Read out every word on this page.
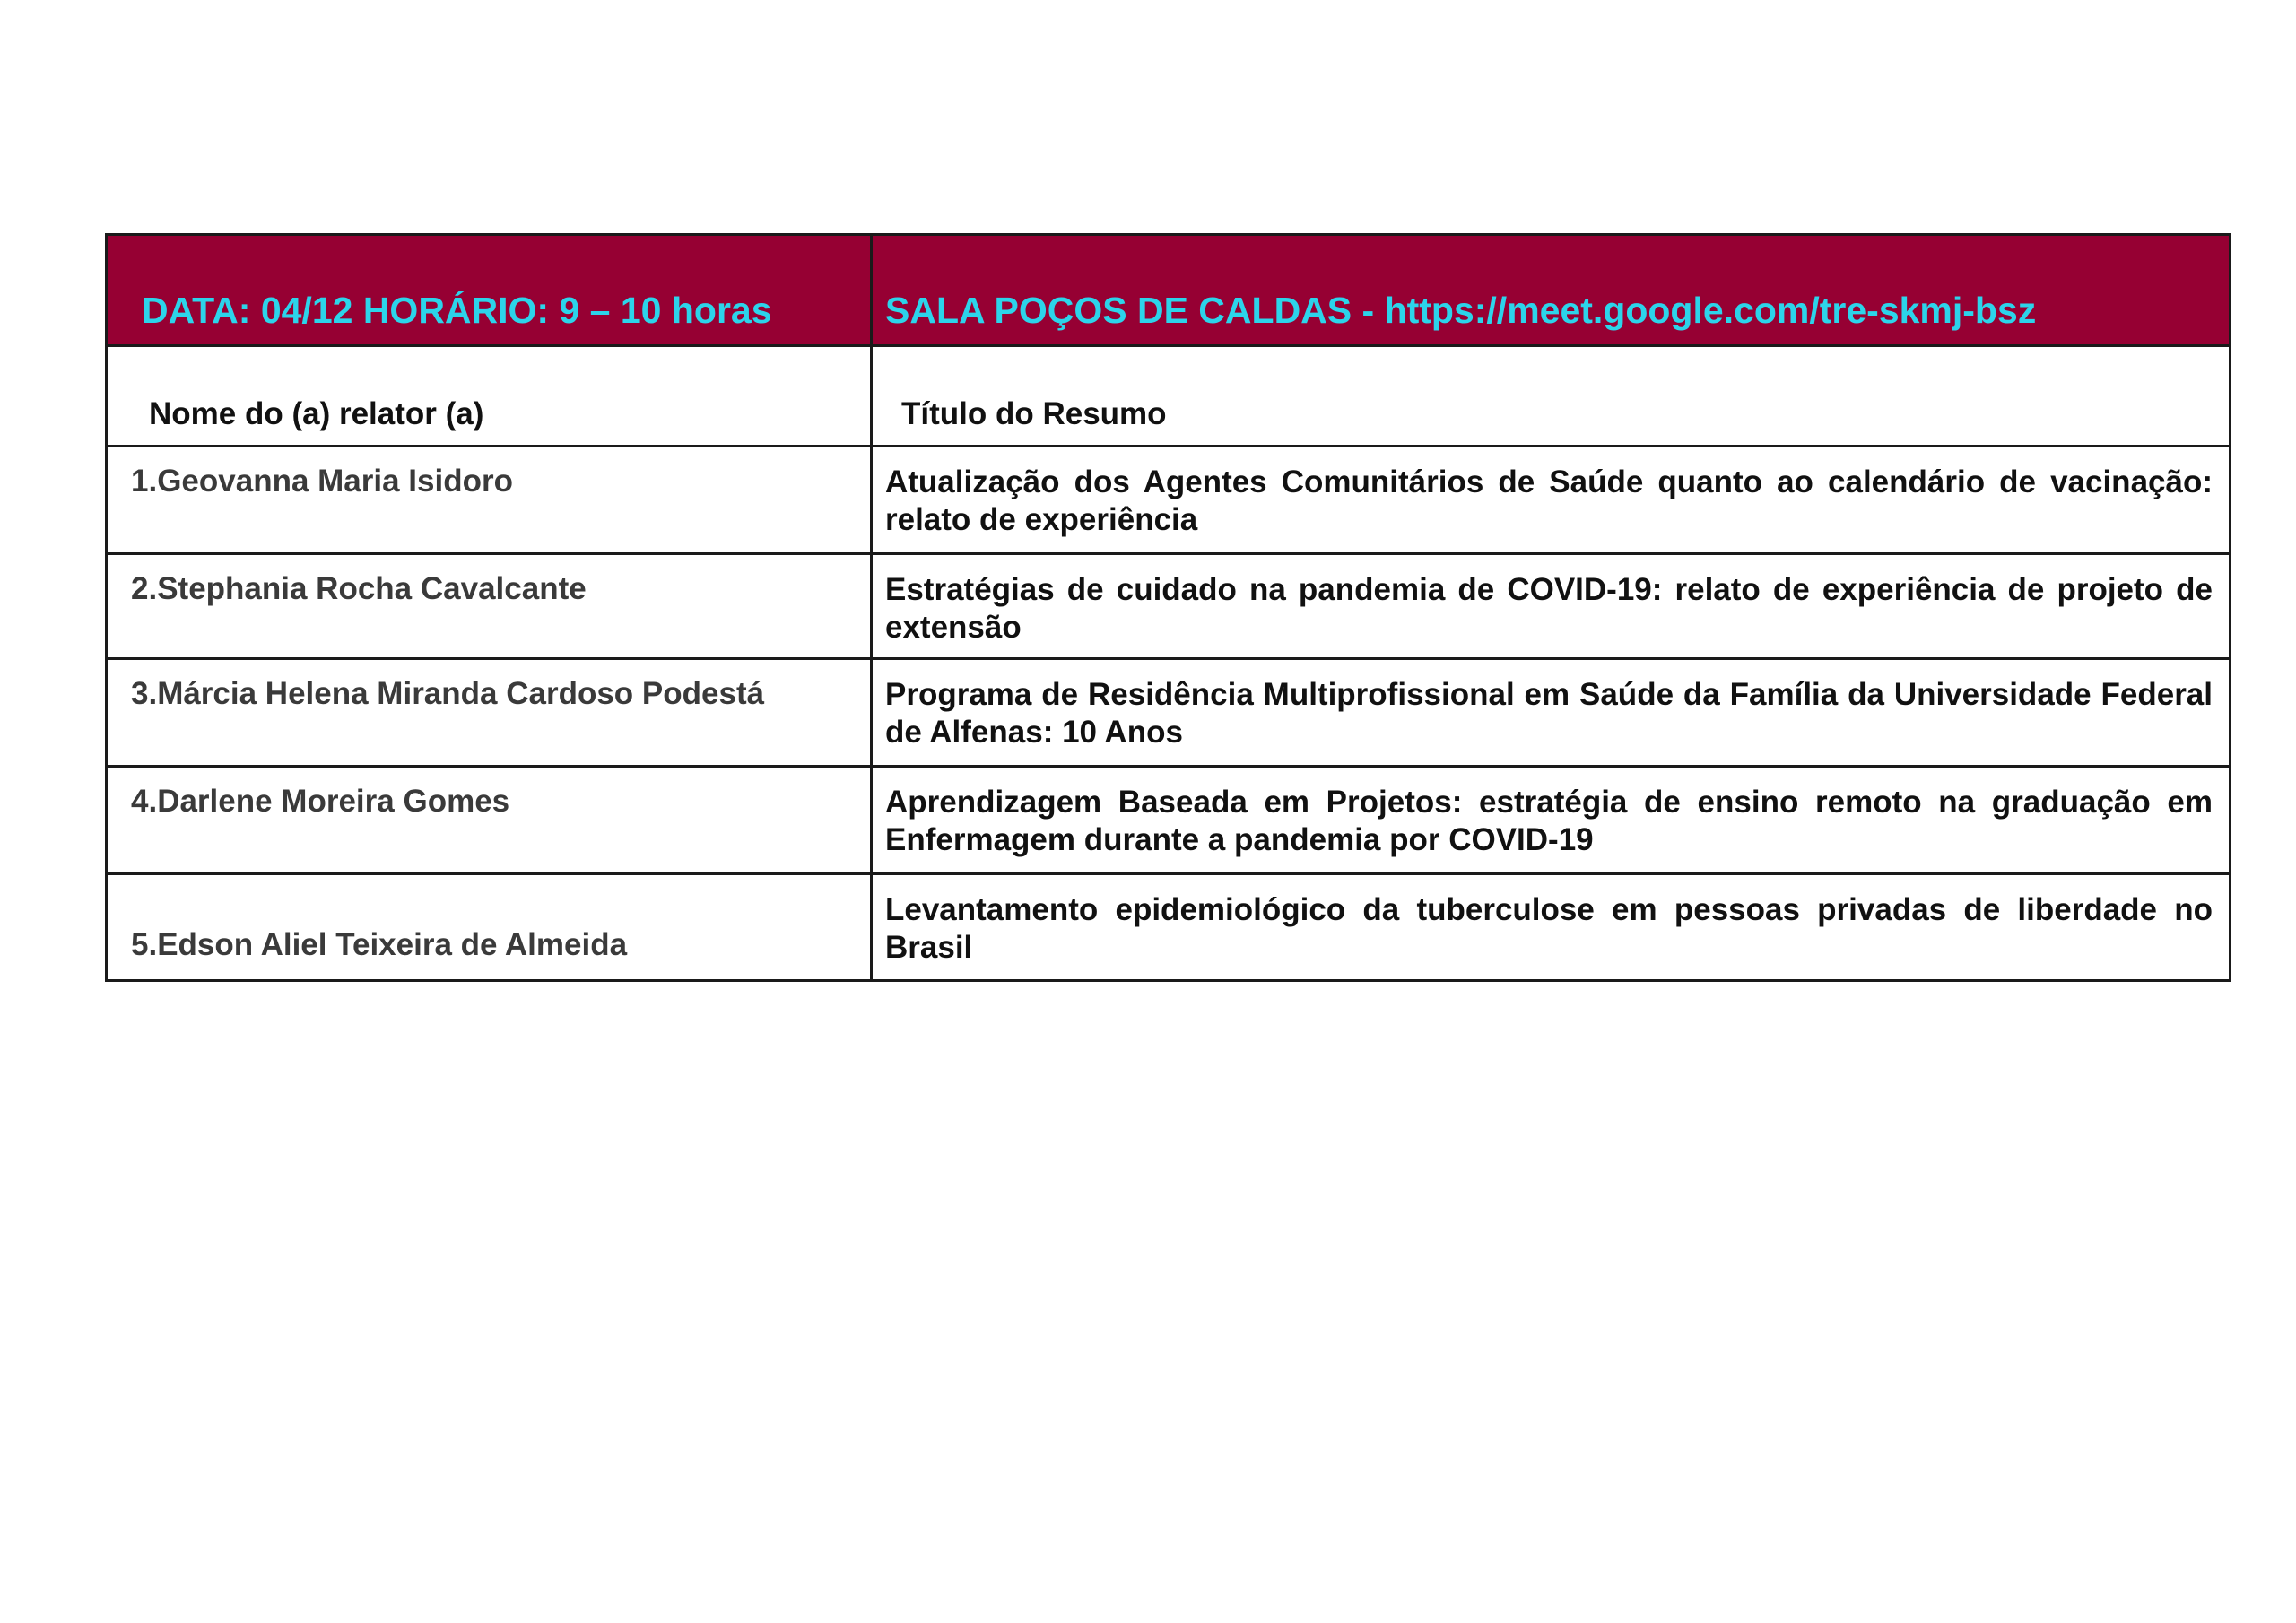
DATA: 04/12 HORÁRIO: 9 – 10 horas	SALA POÇOS DE CALDAS - https://meet.google.com/tre-skmj-bsz
Nome do (a) relator (a)	Título do Resumo
1.Geovanna Maria Isidoro	Atualização dos Agentes Comunitários de Saúde quanto ao calendário de vacinação: relato de experiência

2.Stephania Rocha Cavalcante	Estratégias de cuidado na pandemia de COVID-19: relato de experiência de projeto de extensão

3.Márcia Helena Miranda Cardoso Podestá	Programa de Residência Multiprofissional em Saúde da Família da Universidade Federal de Alfenas: 10 Anos

4.Darlene Moreira Gomes	Aprendizagem Baseada em Projetos: estratégia de ensino remoto na graduação em Enfermagem durante a pandemia por COVID-19

5.Edson Aliel Teixeira de Almeida	Levantamento epidemiológico da tuberculose em pessoas privadas de liberdade no Brasil
